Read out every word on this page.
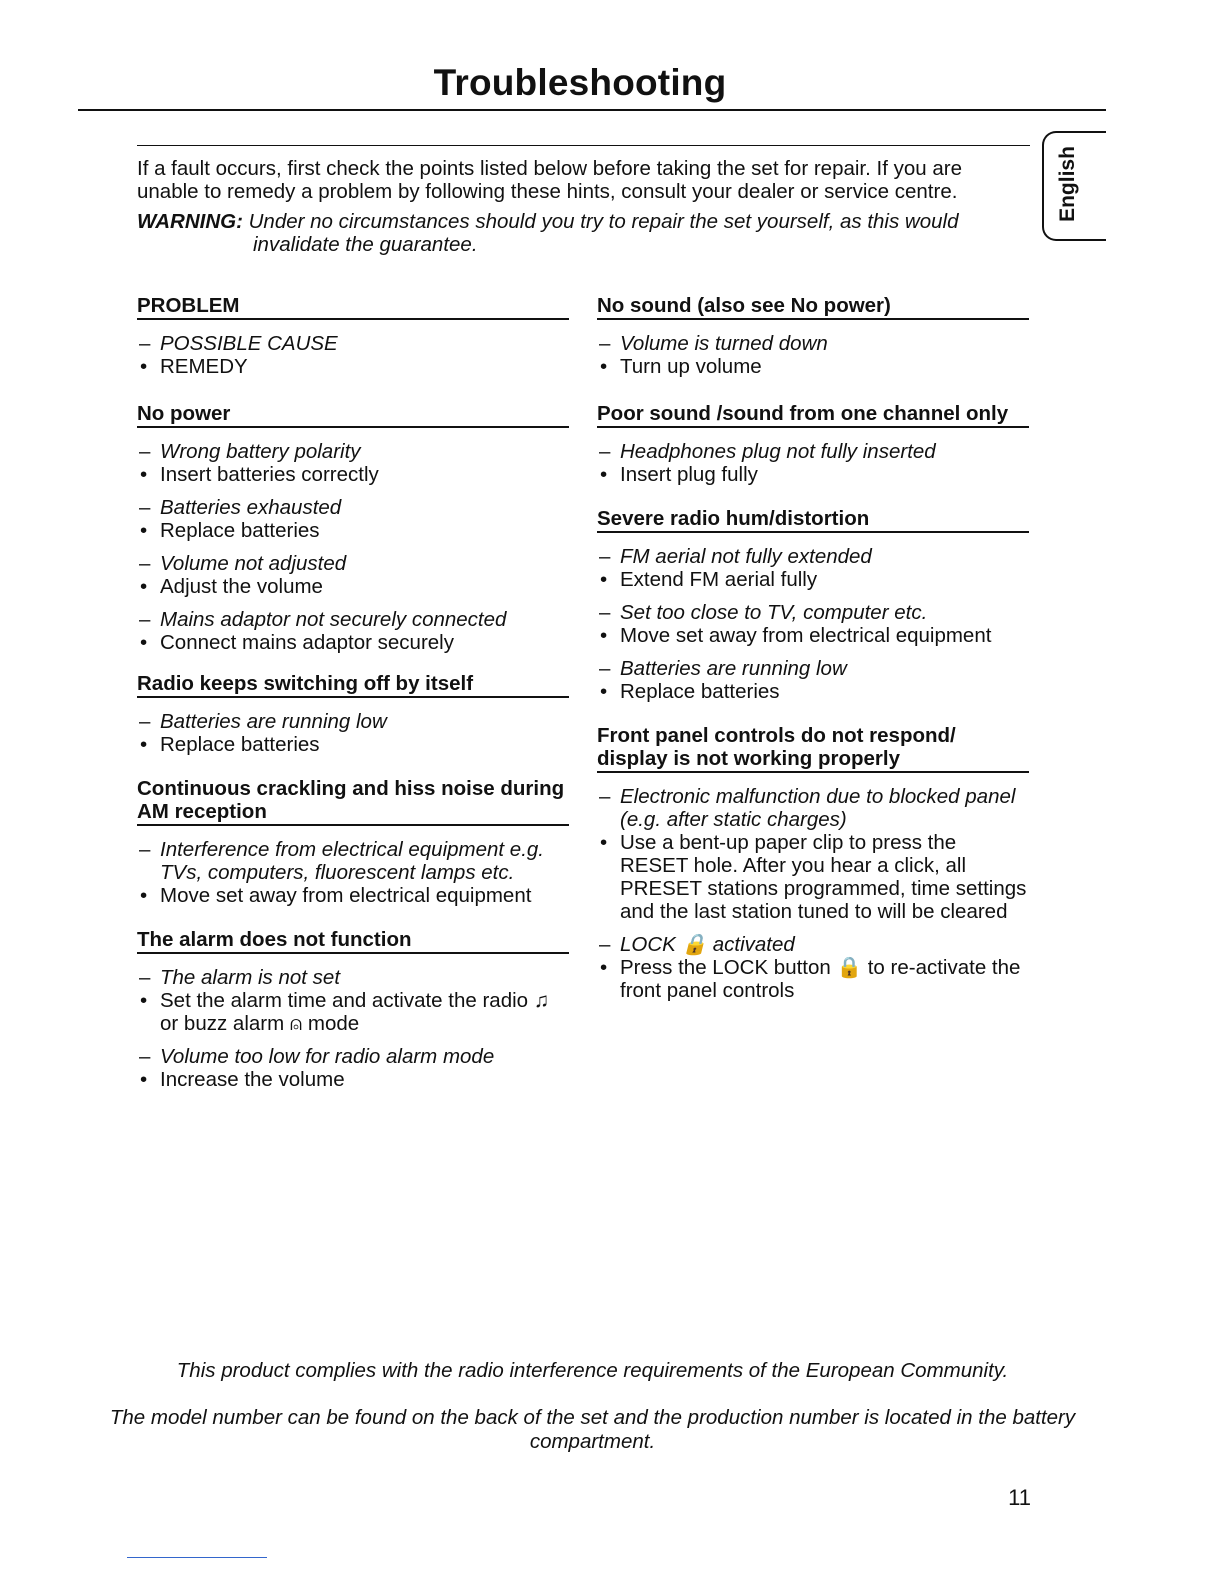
Troubleshooting
English

If a fault occurs, first check the points listed below before taking the set for repair. If you are unable to remedy a problem by following these hints, consult your dealer or service centre.

WARNING: Under no circumstances should you try to repair the set yourself, as this would invalidate the guarantee.

PROBLEM
– POSSIBLE CAUSE
• REMEDY
No power
– Wrong battery polarity
• Insert batteries correctly
– Batteries exhausted
• Replace batteries
– Volume not adjusted
• Adjust the volume
– Mains adaptor not securely connected
• Connect mains adaptor securely
Radio keeps switching off by itself
– Batteries are running low
• Replace batteries
Continuous crackling and hiss noise during AM reception
– Interference from electrical equipment e.g. TVs, computers, fluorescent lamps etc.
• Move set away from electrical equipment
The alarm does not function
– The alarm is not set
• Set the alarm time and activate the radio ♫ or buzz alarm ⍝ mode
– Volume too low for radio alarm mode
• Increase the volume
No sound (also see No power)
– Volume is turned down
• Turn up volume
Poor sound /sound from one channel only
– Headphones plug not fully inserted
• Insert plug fully
Severe radio hum/distortion
– FM aerial not fully extended
• Extend FM aerial fully
– Set too close to TV, computer etc.
• Move set away from electrical equipment
– Batteries are running low
• Replace batteries
Front panel controls do not respond/ display is not working properly
– Electronic malfunction due to blocked panel (e.g. after static charges)
• Use a bent-up paper clip to press the RESET hole. After you hear a click, all PRESET stations programmed, time settings and the last station tuned to will be cleared
– LOCK 🔒 activated
• Press the LOCK button 🔒 to re-activate the front panel controls
This product complies with the radio interference requirements of the European Community.
The model number can be found on the back of the set and the production number is located in the battery compartment.
11
